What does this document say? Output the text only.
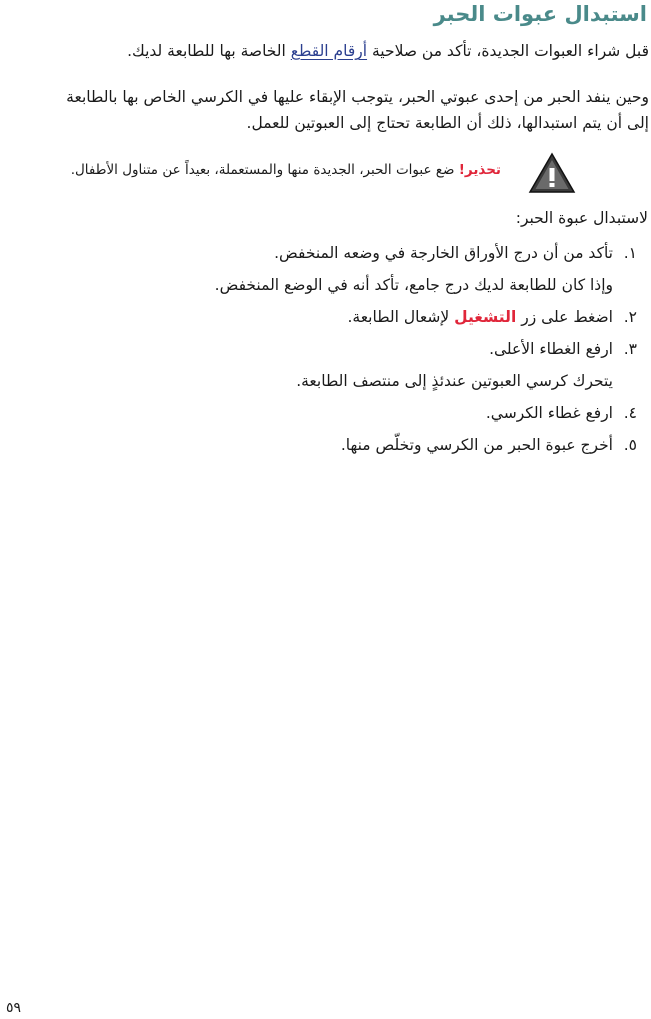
استبدال عبوات الحبر

قبل شراء العبوات الجديدة، تأكد من صلاحية أرقام القطع الخاصة بها للطابعة لديك.

وحين ينفد الحبر من إحدى عبوتي الحبر، يتوجب الإبقاء عليها في الكرسي الخاص بها بالطابعة
إلى أن يتم استبدالها، ذلك أن الطابعة تحتاج إلى العبوتين للعمل.
تحذير! ضع عبوات الحبر، الجديدة منها والمستعملة، بعيداً عن متناول الأطفال.
لاستبدال عبوة الحبر:
١.
تأكد من أن درج الأوراق الخارجة في وضعه المنخفض.
وإذا كان للطابعة لديك درج جامع، تأكد أنه في الوضع المنخفض.
٢.
اضغط على زر التشغيل لإشعال الطابعة.
٣.
ارفع الغطاء الأعلى.
يتحرك كرسي العبوتين عندئذٍ إلى منتصف الطابعة.
٤.
ارفع غطاء الكرسي.
٥.
أخرج عبوة الحبر من الكرسي وتخلّص منها.
٥٩
